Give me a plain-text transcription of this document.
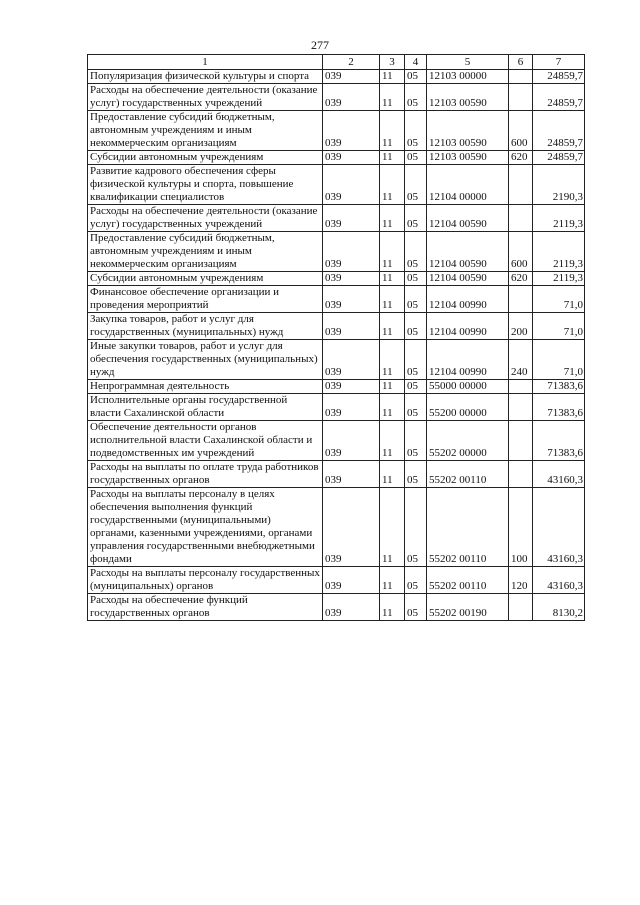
277
1	2	3	4	5	6	7
Популяризация физической культуры и спорта	039	11	05	12103 00000		24859,7
Расходы на обеспечение деятельности (оказание услуг) государственных учреждений	039	11	05	12103 00590		24859,7
Предоставление субсидий бюджетным, автономным учреждениям и иным некоммерческим организациям	039	11	05	12103 00590	600	24859,7
Субсидии автономным учреждениям	039	11	05	12103 00590	620	24859,7
Развитие кадрового обеспечения сферы физической культуры и спорта, повышение квалификации специалистов	039	11	05	12104 00000		2190,3
Расходы на обеспечение деятельности (оказание услуг) государственных учреждений	039	11	05	12104 00590		2119,3
Предоставление субсидий бюджетным, автономным учреждениям и иным некоммерческим организациям	039	11	05	12104 00590	600	2119,3
Субсидии автономным учреждениям	039	11	05	12104 00590	620	2119,3
Финансовое обеспечение организации и проведения мероприятий	039	11	05	12104 00990		71,0
Закупка товаров, работ и услуг для государственных (муниципальных) нужд	039	11	05	12104 00990	200	71,0
Иные закупки товаров, работ и услуг для обеспечения государственных (муниципальных) нужд	039	11	05	12104 00990	240	71,0
Непрограммная деятельность	039	11	05	55000 00000		71383,6
Исполнительные органы государственной власти Сахалинской области	039	11	05	55200 00000		71383,6
Обеспечение деятельности органов исполнительной власти Сахалинской области и подведомственных им учреждений	039	11	05	55202 00000		71383,6
Расходы на выплаты по оплате труда работников государственных органов	039	11	05	55202 00110		43160,3
Расходы на выплаты персоналу в целях обеспечения выполнения функций государственными (муниципальными) органами, казенными учреждениями, органами управления государственными внебюджетными фондами	039	11	05	55202 00110	100	43160,3
Расходы на выплаты персоналу государственных (муниципальных) органов	039	11	05	55202 00110	120	43160,3
Расходы на обеспечение функций государственных органов	039	11	05	55202 00190		8130,2
